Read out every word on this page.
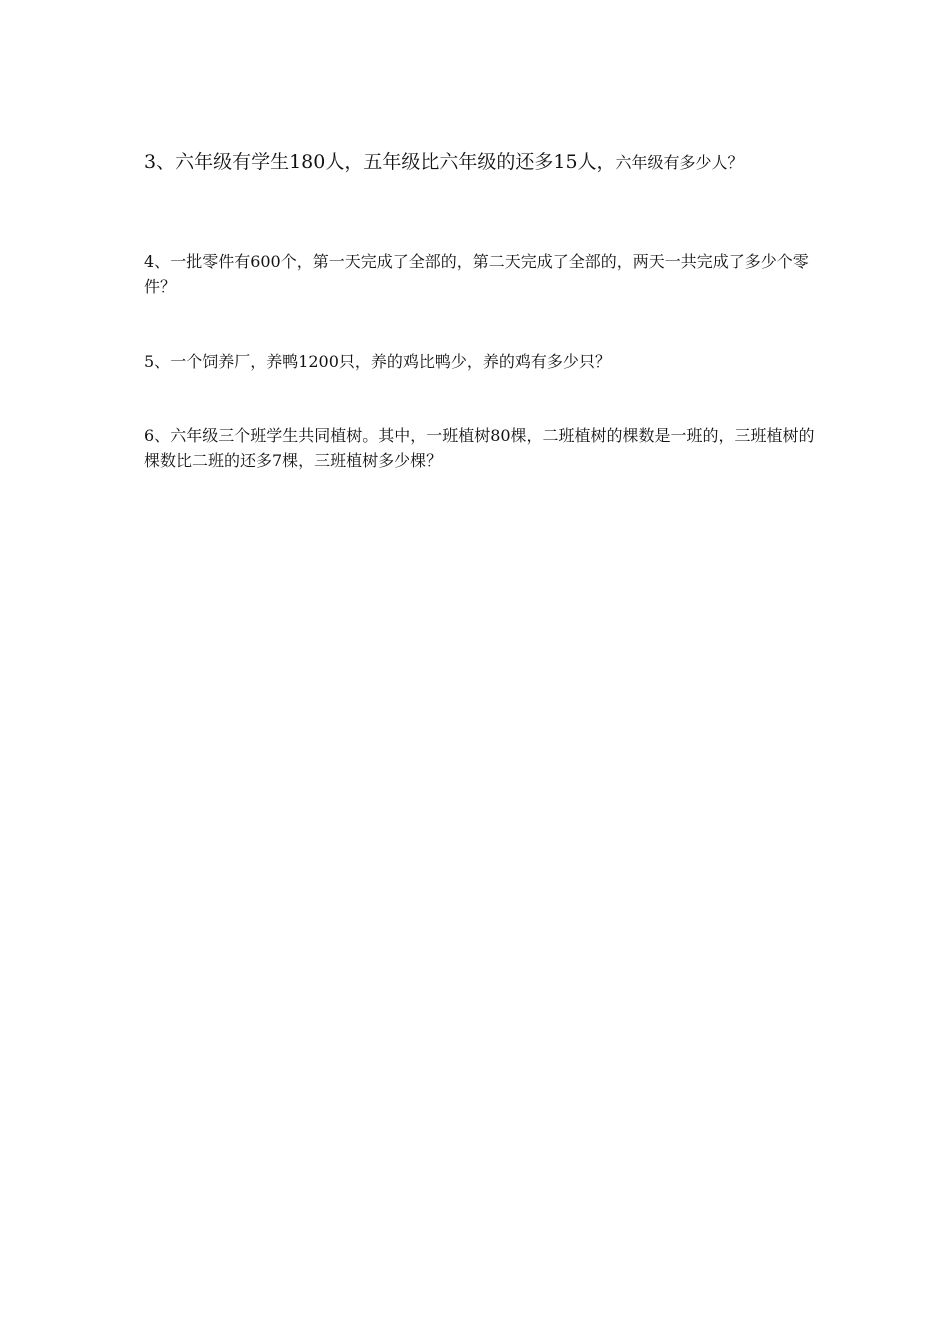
3、六年级有学生180人，五年级比六年级的还多15人，六年级有多少人？

4、一批零件有600个，第一天完成了全部的，第二天完成了全部的，两天一共完成了多少个零件？

5、一个饲养厂，养鸭1200只，养的鸡比鸭少，养的鸡有多少只？

6、六年级三个班学生共同植树。其中，一班植树80棵，二班植树的棵数是一班的，三班植树的棵数比二班的还多7棵，三班植树多少棵？
